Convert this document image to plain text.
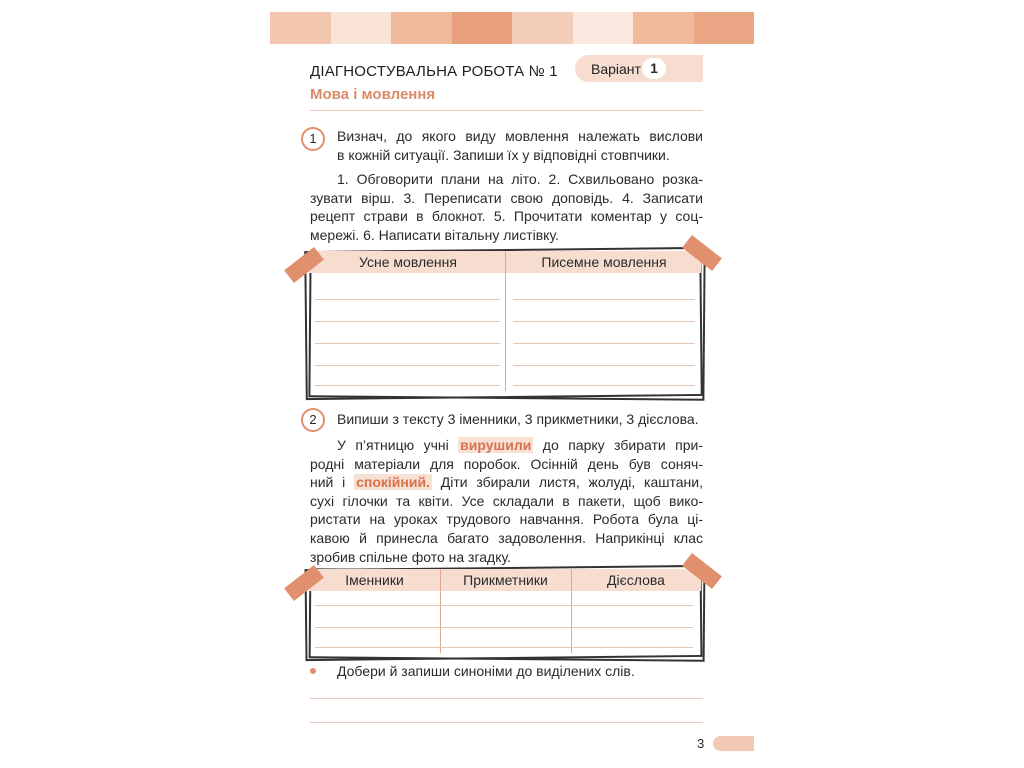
ДІАГНОСТУВАЛЬНА РОБОТА № 1
Мова і мовлення
Варіант 1
1	Визнач, до якого виду мовлення належать вислови
в кожній ситуації. Запиши їх у відповідні стовпчики.
1. Обговорити плани на літо. 2. Схвильовано розка-
зувати вірш. 3. Переписати свою доповідь. 4. Записати
рецепт страви в блокнот. 5. Прочитати коментар у соц-
мережі. 6. Написати вітальну листівку.
Усне мовлення	Писемне мовлення
2	Випиши з тексту 3 іменники, 3 прикметники, 3 дієслова.
У п’ятницю учні вирушили до парку збирати при-
родні матеріали для поробок. Осінній день був соняч-
ний і спокійний. Діти збирали листя, жолуді, каштани,
сухі гілочки та квіти. Усе складали в пакети, щоб вико-
ристати на уроках трудового навчання. Робота була ці-
кавою й принесла багато задоволення. Наприкінці клас
зробив спільне фото на згадку.
Іменники	Прикметники	Дієслова
Добери й запиши синоніми до виділених слів.
3
